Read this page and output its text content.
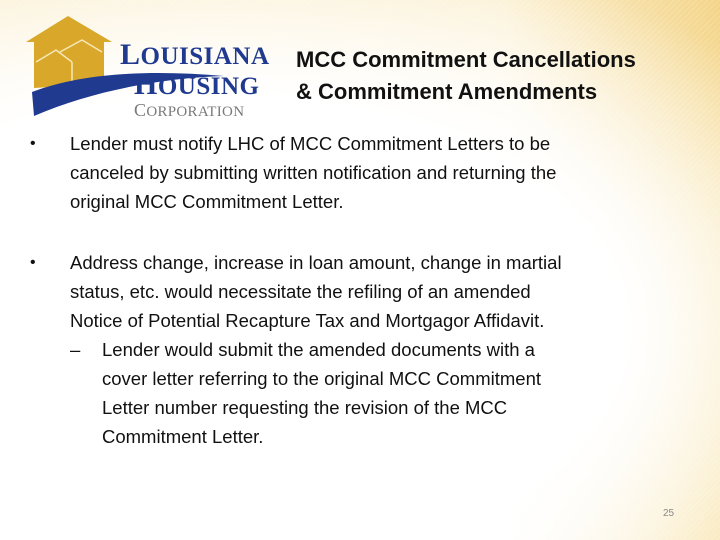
LOUISIANA
HOUSING
CORPORATION
MCC Commitment Cancellations
& Commitment Amendments
•	Lender must notify LHC of MCC Commitment Letters to be
canceled by submitting written notification and returning the
original MCC Commitment Letter.
•	Address change, increase in loan amount, change in martial
status, etc. would necessitate the refiling of an amended
Notice of Potential Recapture Tax and Mortgagor Affidavit.
–	Lender would submit the amended documents with a
cover letter referring to the original MCC Commitment
Letter number requesting the revision of the MCC
Commitment Letter.
25
